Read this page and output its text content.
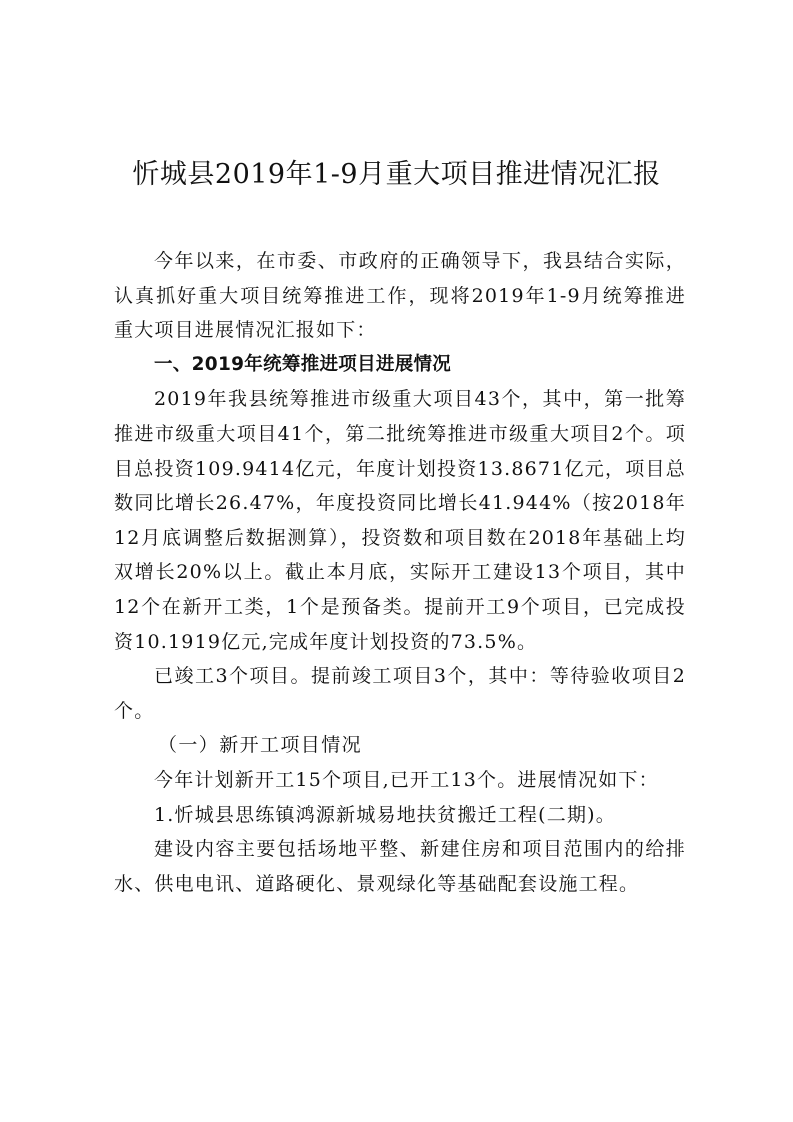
忻城县2019年1-9月重大项目推进情况汇报

今年以来，在市委、市政府的正确领导下，我县结合实际，认真抓好重大项目统筹推进工作，现将2019年1-9月统筹推进重大项目进展情况汇报如下：

一、2019年统筹推进项目进展情况

2019年我县统筹推进市级重大项目43个，其中，第一批筹推进市级重大项目41个，第二批统筹推进市级重大项目2个。项目总投资109.9414亿元，年度计划投资13.8671亿元，项目总数同比增长26.47%，年度投资同比增长41.944%（按2018年12月底调整后数据测算），投资数和项目数在2018年基础上均双增长20%以上。截止本月底，实际开工建设13个项目，其中12个在新开工类，1个是预备类。提前开工9个项目，已完成投资10.1919亿元,完成年度计划投资的73.5%。

已竣工3个项目。提前竣工项目3个，其中：等待验收项目2个。

（一）新开工项目情况

今年计划新开工15个项目,已开工13个。进展情况如下：

1.忻城县思练镇鸿源新城易地扶贫搬迁工程(二期)。

建设内容主要包括场地平整、新建住房和项目范围内的给排水、供电电讯、道路硬化、景观绿化等基础配套设施工程。
